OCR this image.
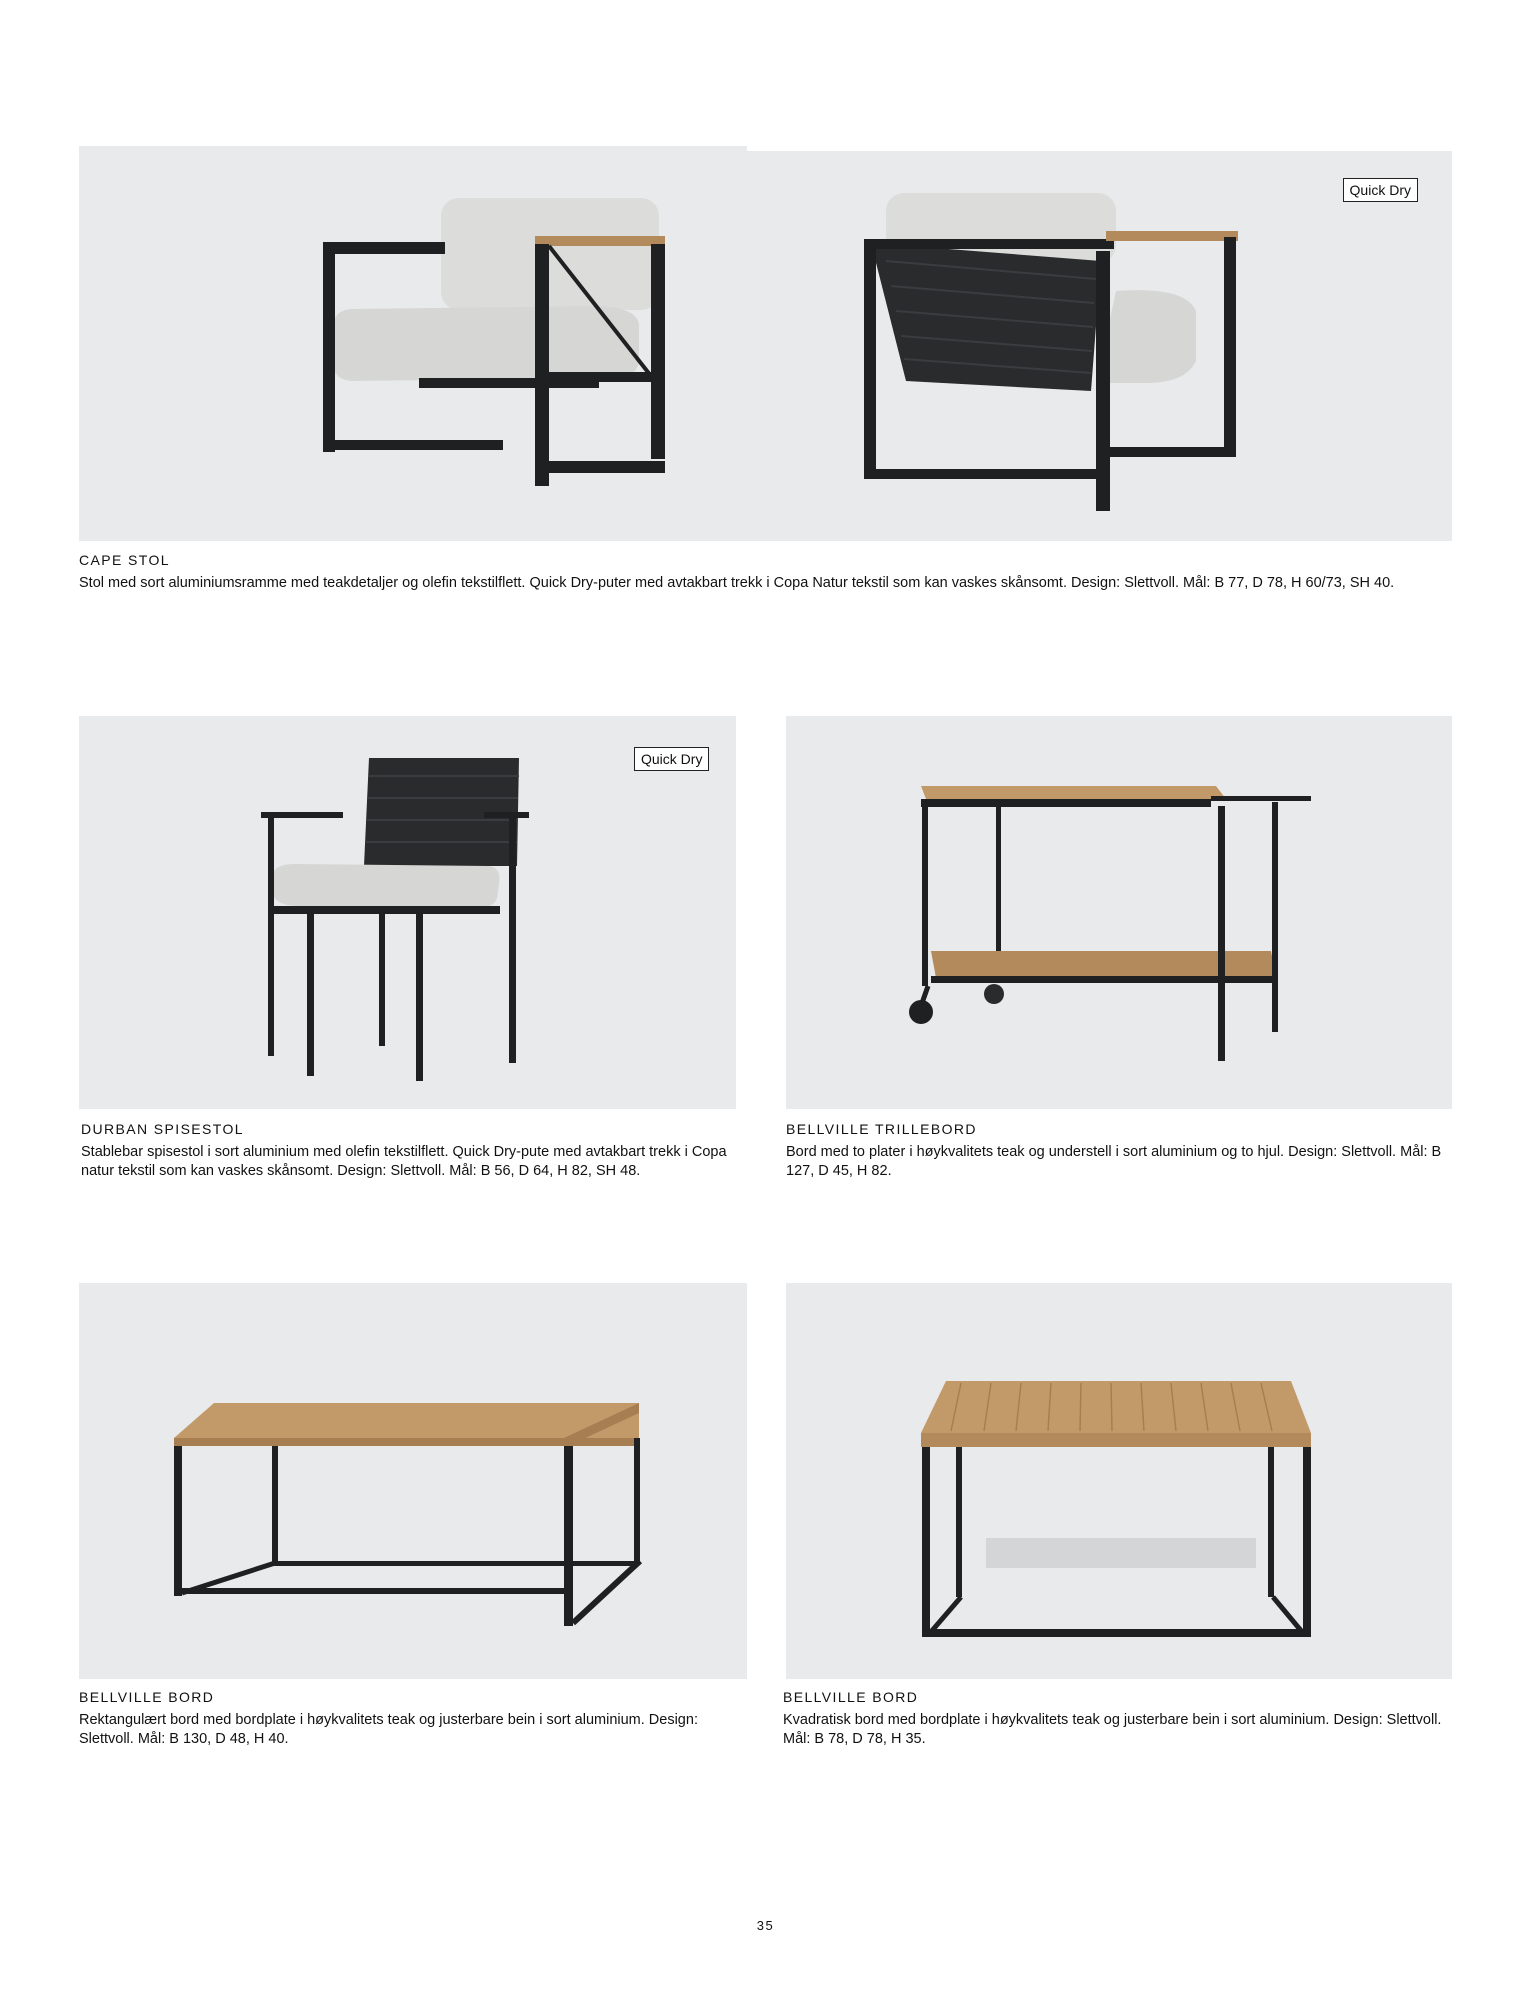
Quick Dry
CAPE STOL

Stol med sort aluminiumsramme med teakdetaljer og olefin tekstilflett. Quick Dry-puter med avtakbart trekk i Copa Natur tekstil som kan vaskes skånsomt. Design: Slettvoll. Mål: B 77, D 78, H 60/73, SH 40.

Quick Dry
DURBAN SPISESTOL

Stablebar spisestol i sort aluminium med olefin tekstilflett. Quick Dry-pute med avtakbart trekk i Copa natur tekstil som kan vaskes skånsomt. Design: Slettvoll. Mål: B 56, D 64, H 82, SH 48.

BELLVILLE TRILLEBORD

Bord med to plater i høykvalitets teak og understell i sort aluminium og to hjul. Design: Slettvoll. Mål: B 127, D 45, H 82.

BELLVILLE BORD

Rektangulært bord med bordplate i høykvalitets teak og justerbare bein i sort aluminium. Design: Slettvoll. Mål: B 130, D 48, H 40.

BELLVILLE BORD

Kvadratisk bord med bordplate i høykvalitets teak og justerbare bein i sort aluminium. Design: Slettvoll. Mål: B 78, D 78, H 35.

35
